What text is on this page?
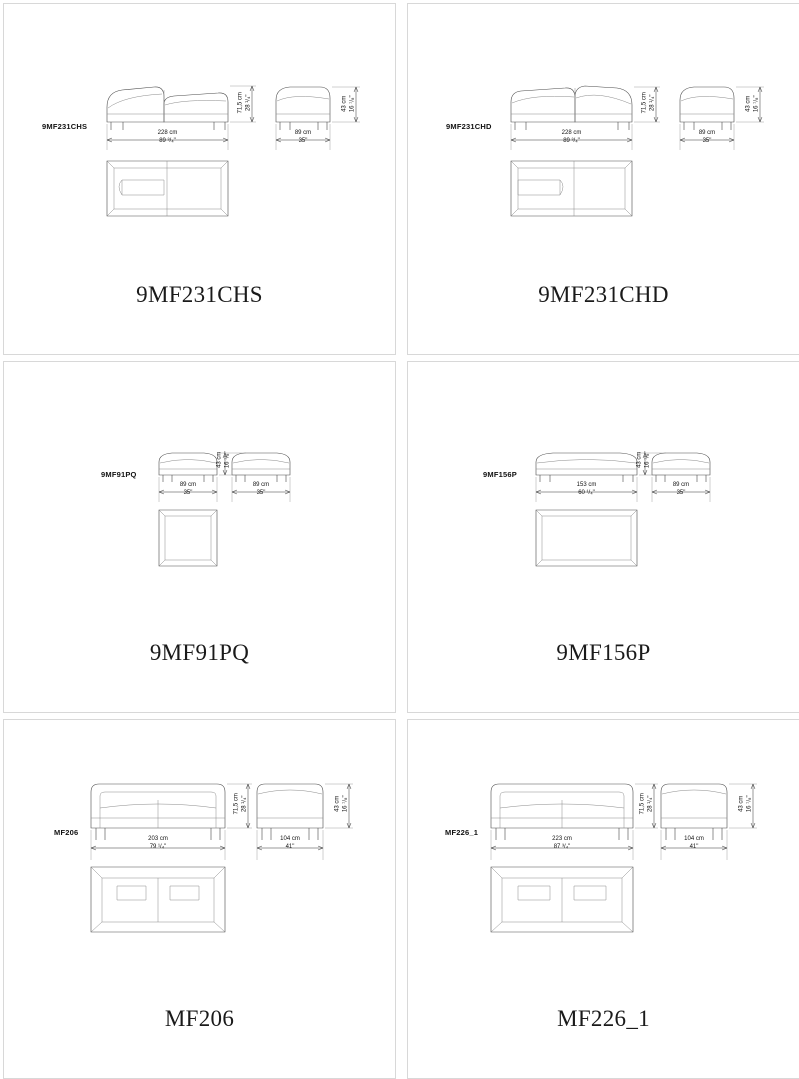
9MF231CHS
228 cm
89 ³/₄"
89 cm
35"
71,5 cm 28 ¹/₄"	43 cm 16 ⁷/₈"
9MF231CHS
9MF231CHD
228 cm
89 ³/₄"
89 cm
35"
71,5 cm 28 ¹/₄"	43 cm 16 ⁷/₈"
9MF231CHD
9MF91PQ
89 cm
35"
89 cm
35"
43 cm 16 ⁷/₈"
9MF91PQ
9MF156P
153 cm
60 ¹/₄"
89 cm
35"
43 cm 16 ⁷/₈"
9MF156P
MF206
203 cm
79 ¹/₄"
104 cm
41"
71,5 cm 28 ¹/₄"	43 cm 16 ⁷/₈"
MF206
MF226_1
223 cm
87 ³/₄"
104 cm
41"
71,5 cm 28 ¹/₄"	43 cm 16 ⁷/₈"
MF226_1
